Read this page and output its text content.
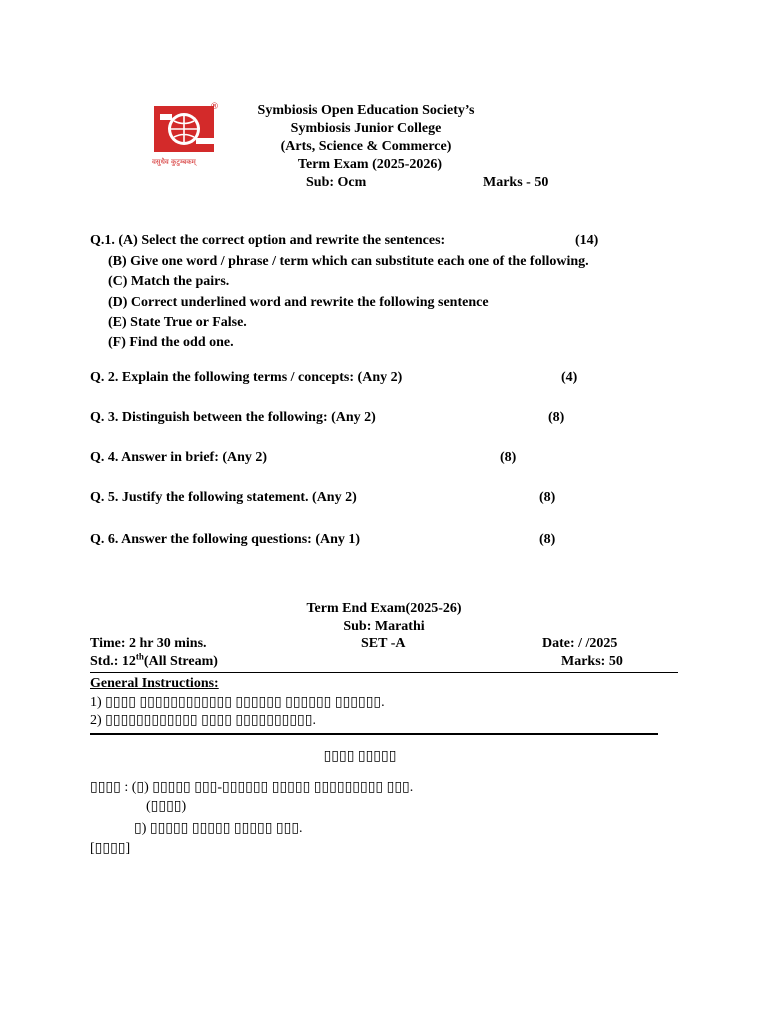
®
वसुधैव कुटुम्बकम्
Symbiosis Open Education Society’s
Symbiosis Junior College
(Arts, Science & Commerce)
Term Exam (2025-2026)
Sub: Ocm	Marks - 50
Q.1. (A) Select the correct option and rewrite the sentences:	(14)
(B) Give one word / phrase / term which can substitute each one of the following.
(C) Match the pairs.
(D) Correct underlined word and rewrite the following sentence
(E) State True or False.
(F) Find the odd one.
Q. 2. Explain the following terms / concepts: (Any 2)	(4)
Q. 3. Distinguish between the following: (Any 2)	(8)
Q. 4. Answer in brief: (Any 2)	(8)
Q. 5. Justify the following statement. (Any 2)	(8)
Q. 6. Answer the following questions: (Any 1)	(8)
Term End Exam(2025-26)
Sub: Marathi
Time: 2 hr 30 mins.	SET -A	Date: / /2025
Std.: 12th(All Stream)	Marks: 50
General Instructions:
1) ▯▯▯▯ ▯▯▯▯▯▯▯▯▯▯▯▯ ▯▯▯▯▯▯ ▯▯▯▯▯▯ ▯▯▯▯▯▯.
2) ▯▯▯▯▯▯▯▯▯▯▯▯ ▯▯▯▯ ▯▯▯▯▯▯▯▯▯▯.
▯▯▯▯ ▯▯▯▯▯
▯▯▯▯ : (▯) ▯▯▯▯▯ ▯▯▯-▯▯▯▯▯▯ ▯▯▯▯▯ ▯▯▯▯▯▯▯▯▯ ▯▯▯.
(▯▯▯▯)
▯) ▯▯▯▯▯ ▯▯▯▯▯ ▯▯▯▯▯ ▯▯▯.
[▯▯▯▯]
